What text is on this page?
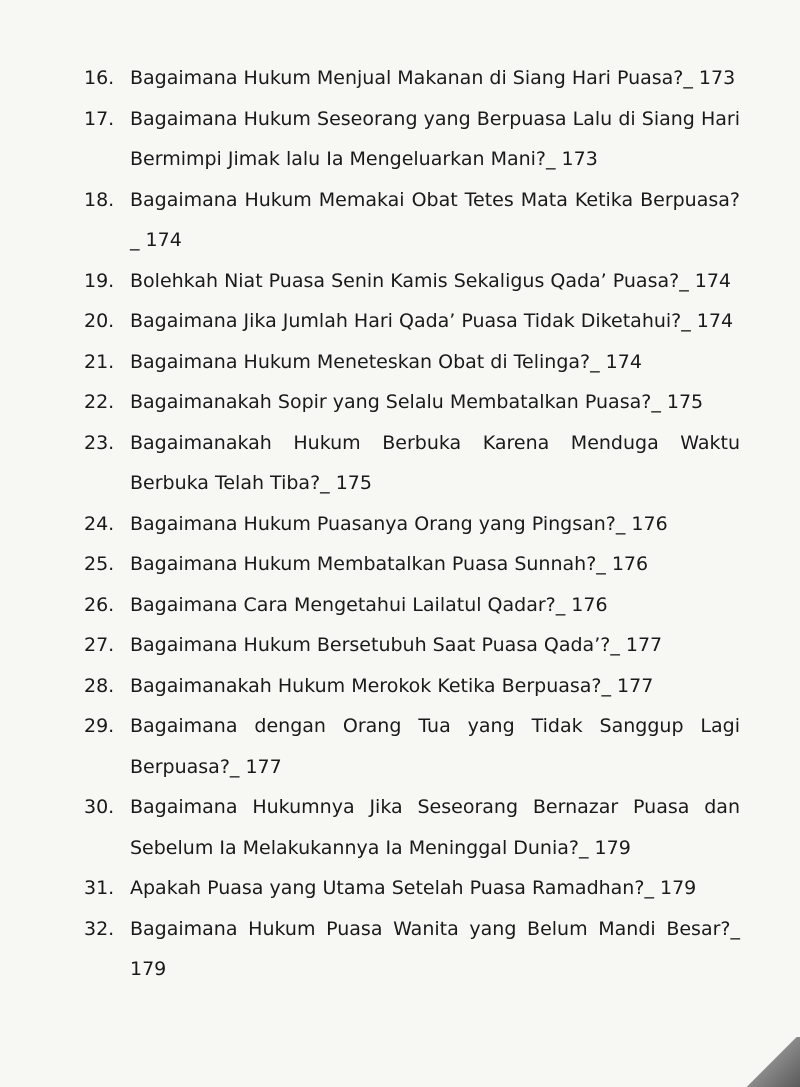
16. Bagaimana Hukum Menjual Makanan di Siang Hari Puasa?_ 173
17. Bagaimana Hukum Seseorang yang Berpuasa Lalu di Siang Hari Bermimpi Jimak lalu Ia Mengeluarkan Mani?_ 173
18. Bagaimana Hukum Memakai Obat Tetes Mata Ketika Berpuasa?_ 174
19. Bolehkah Niat Puasa Senin Kamis Sekaligus Qada’ Puasa?_ 174
20. Bagaimana Jika Jumlah Hari Qada’ Puasa Tidak Diketahui?_ 174
21. Bagaimana Hukum Meneteskan Obat di Telinga?_ 174
22. Bagaimanakah Sopir yang Selalu Membatalkan Puasa?_ 175
23. Bagaimanakah Hukum Berbuka Karena Menduga Waktu Berbuka Telah Tiba?_ 175
24. Bagaimana Hukum Puasanya Orang yang Pingsan?_ 176
25. Bagaimana Hukum Membatalkan Puasa Sunnah?_ 176
26. Bagaimana Cara Mengetahui Lailatul Qadar?_ 176
27. Bagaimana Hukum Bersetubuh Saat Puasa Qada’?_ 177
28. Bagaimanakah Hukum Merokok Ketika Berpuasa?_ 177
29. Bagaimana dengan Orang Tua yang Tidak Sanggup Lagi Berpuasa?_ 177
30. Bagaimana Hukumnya Jika Seseorang Bernazar Puasa dan Sebelum Ia Melakukannya Ia Meninggal Dunia?_ 179
31. Apakah Puasa yang Utama Setelah Puasa Ramadhan?_ 179
32. Bagaimana Hukum Puasa Wanita yang Belum Mandi Besar?_ 179
